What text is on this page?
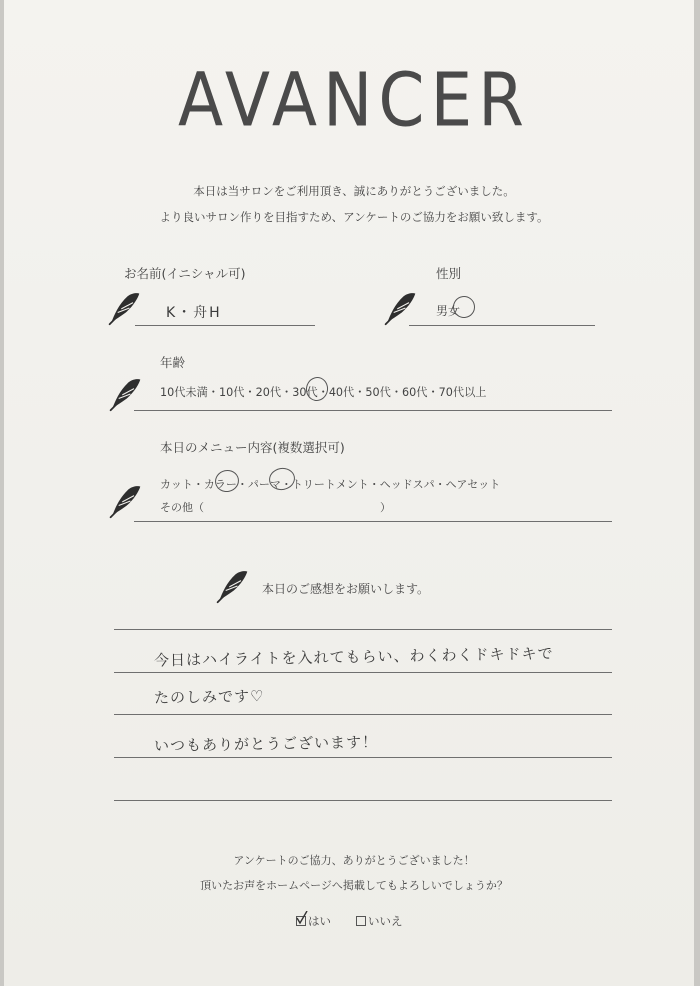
AVANCER
本日は当サロンをご利用頂き、誠にありがとうございました。
より良いサロン作りを目指すため、アンケートのご協力をお願い致します。
お名前(イニシャル可)
K・舟H
性別
男女
年齢
10代未満・10代・20代・30代・40代・50代・60代・70代以上
本日のメニュー内容(複数選択可)
カット・カラー・パーマ・トリートメント・ヘッドスパ・ヘアセット
その他（　　　　　　　　　　　　　　　　）
本日のご感想をお願いします。
今日はハイライトを入れてもらい、わくわくドキドキで
たのしみです♡
いつもありがとうございます！
アンケートのご協力、ありがとうございました！
頂いたお声をホームページへ掲載してもよろしいでしょうか？
はい	いいえ
